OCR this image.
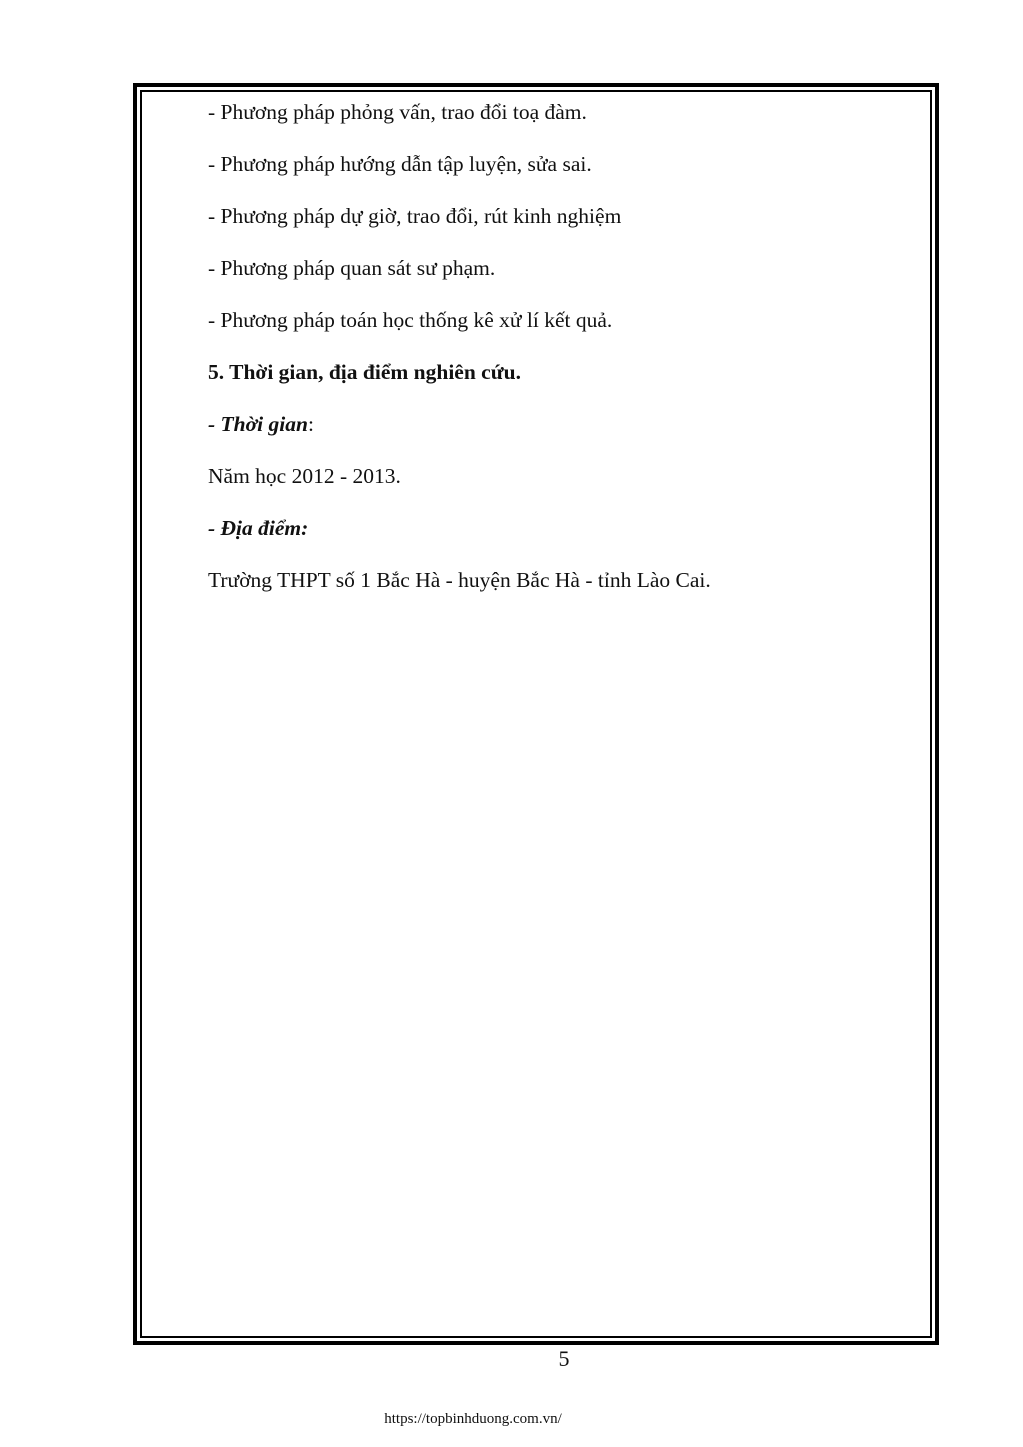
- Phương pháp phỏng vấn, trao đổi toạ đàm.
- Phương pháp hướng dẫn tập luyện, sửa sai.
- Phương pháp dự giờ, trao đổi, rút kinh nghiệm
- Phương pháp quan sát sư phạm.
- Phương pháp toán học thống kê xử lí kết quả.
5. Thời gian, địa điểm nghiên cứu.
- Thời gian:
Năm học 2012 - 2013.
- Địa điểm:
Trường THPT số 1 Bắc Hà - huyện Bắc Hà - tỉnh Lào Cai.
5
https://topbinhduong.com.vn/
